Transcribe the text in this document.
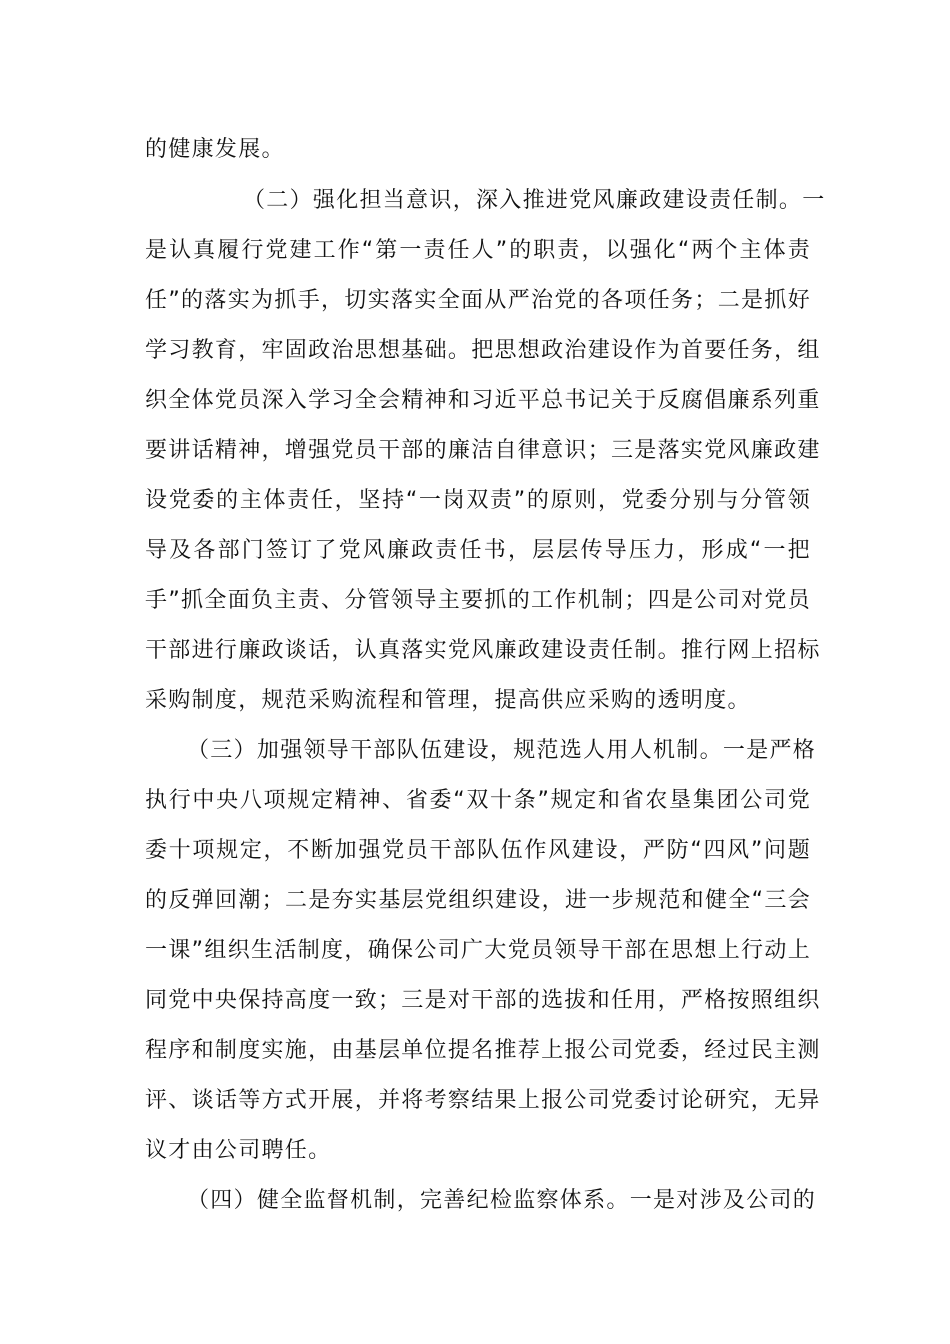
的健康发展。
（二）强化担当意识，深入推进党风廉政建设责任制。一
是认真履行党建工作“第一责任人”的职责，以强化“两个主体责
任”的落实为抓手，切实落实全面从严治党的各项任务；二是抓好
学习教育，牢固政治思想基础。把思想政治建设作为首要任务，组
织全体党员深入学习全会精神和习近平总书记关于反腐倡廉系列重
要讲话精神，增强党员干部的廉洁自律意识；三是落实党风廉政建
设党委的主体责任，坚持“一岗双责”的原则，党委分别与分管领
导及各部门签订了党风廉政责任书，层层传导压力，形成“一把
手”抓全面负主责、分管领导主要抓的工作机制；四是公司对党员
干部进行廉政谈话，认真落实党风廉政建设责任制。推行网上招标
采购制度，规范采购流程和管理，提高供应采购的透明度。
（三）加强领导干部队伍建设，规范选人用人机制。一是严格
执行中央八项规定精神、省委“双十条”规定和省农垦集团公司党
委十项规定，不断加强党员干部队伍作风建设，严防“四风”问题
的反弹回潮；二是夯实基层党组织建设，进一步规范和健全“三会
一课”组织生活制度，确保公司广大党员领导干部在思想上行动上
同党中央保持高度一致；三是对干部的选拔和任用，严格按照组织
程序和制度实施，由基层单位提名推荐上报公司党委，经过民主测
评、谈话等方式开展，并将考察结果上报公司党委讨论研究，无异
议才由公司聘任。
（四）健全监督机制，完善纪检监察体系。一是对涉及公司的
